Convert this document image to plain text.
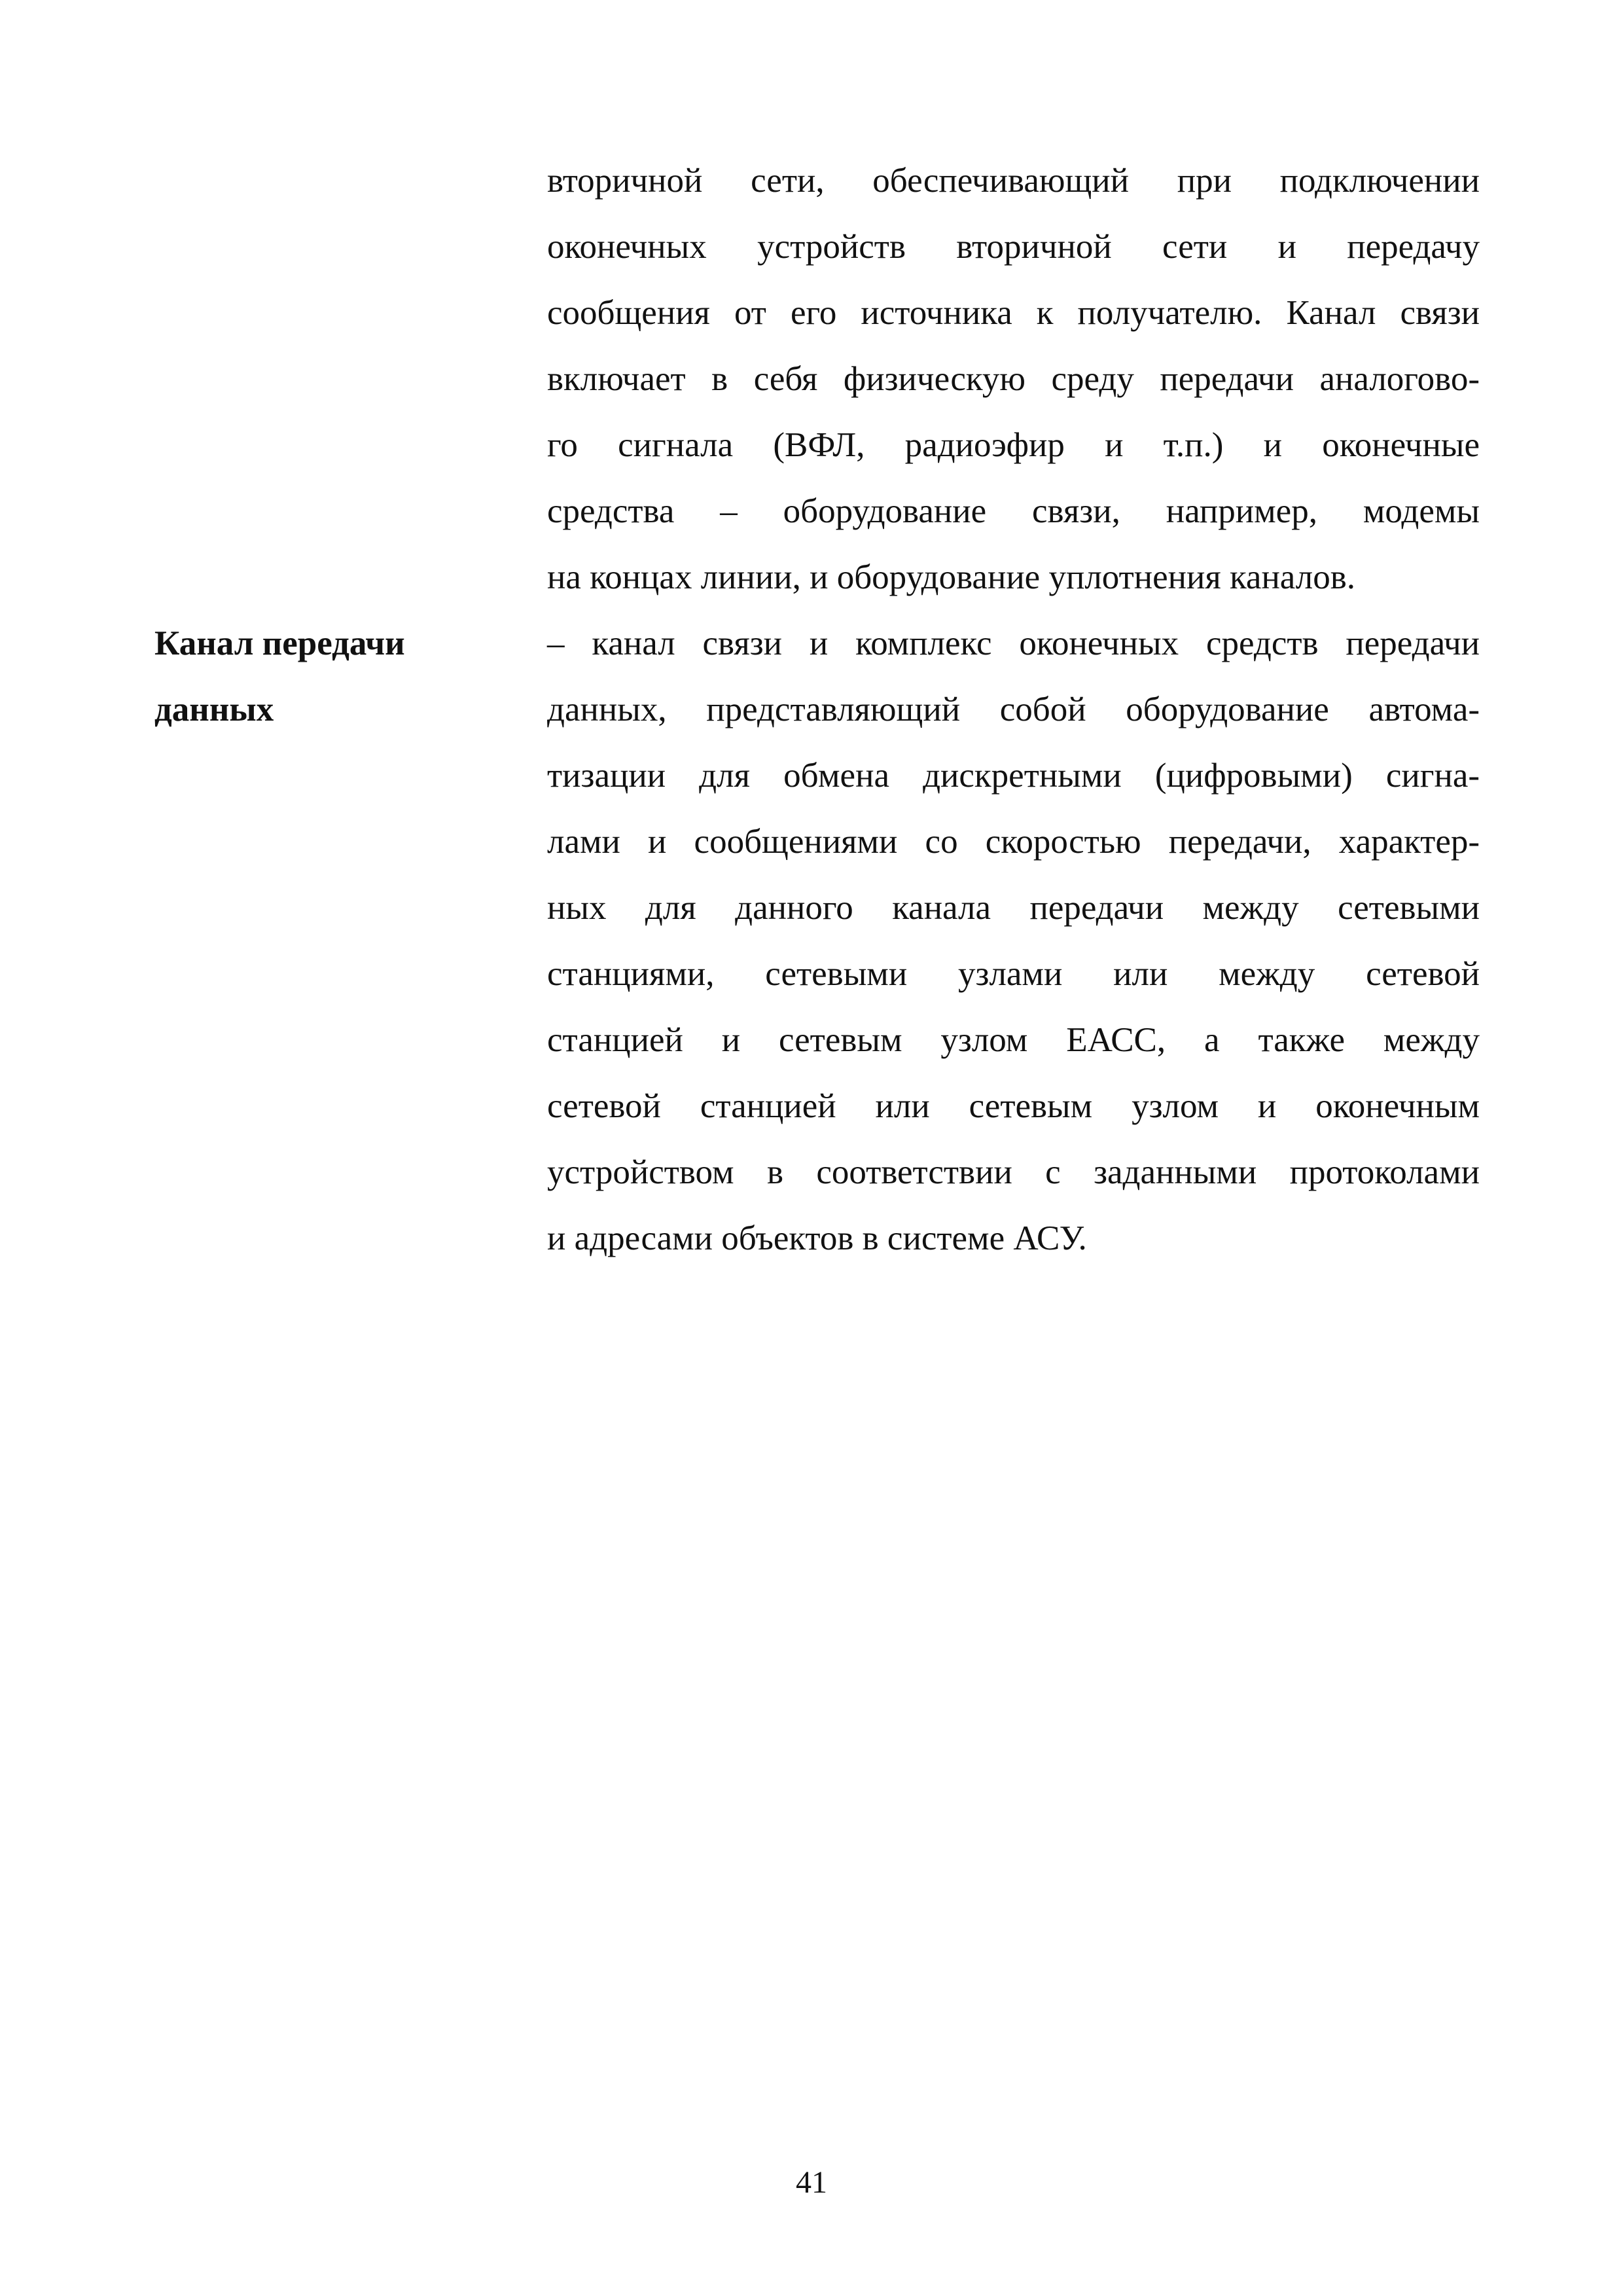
вторичной сети, обеспечивающий при подключении
оконечных устройств вторичной сети и передачу
сообщения от его источника к получателю. Канал связи
включает в себя физическую среду передачи аналогово-
го сигнала (ВФЛ, радиоэфир и т.п.) и оконечные
средства – оборудование связи, например, модемы
на концах линии, и оборудование уплотнения каналов.
Канал передачи
данных
– канал связи и комплекс оконечных средств передачи
данных, представляющий собой оборудование автома-
тизации для обмена дискретными (цифровыми) сигна-
лами и сообщениями со скоростью передачи, характер-
ных для данного канала передачи между сетевыми
станциями, сетевыми узлами или между сетевой
станцией и сетевым узлом ЕАСС, а также между
сетевой станцией или сетевым узлом и оконечным
устройством в соответствии с заданными протоколами
и адресами объектов в системе АСУ.
41
